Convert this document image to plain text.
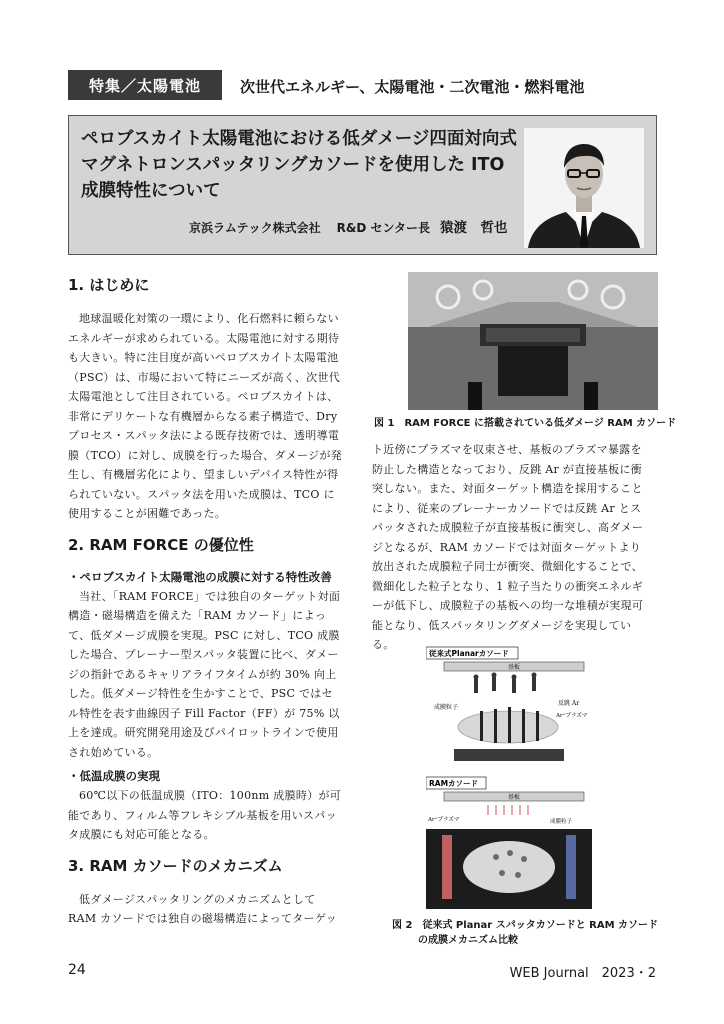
特集／太陽電池	次世代エネルギー、太陽電池・二次電池・燃料電池
ペロブスカイト太陽電池における低ダメージ四面対向式マグネトロンスパッタリングカソードを使用した ITO 成膜特性について
京浜ラムテック株式会社 R&D センター長 猿渡　哲也
1. はじめに
地球温暖化対策の一環により、化石燃料に頼らないエネルギーが求められている。太陽電池に対する期待も大きい。特に注目度が高いペロブスカイト太陽電池（PSC）は、市場において特にニーズが高く、次世代太陽電池として注目されている。ペロブスカイトは、非常にデリケートな有機層からなる素子構造で、Dry プロセス・スパッタ法による既存技術では、透明導電膜（TCO）に対し、成膜を行った場合、ダメージが発生し、有機層劣化により、望ましいデバイス特性が得られていない。スパッタ法を用いた成膜は、TCO に使用することが困難であった。
2. RAM FORCE の優位性
・ペロブスカイト太陽電池の成膜に対する特性改善
当社、「RAM FORCE」では独自のターゲット対面構造・磁場構造を備えた「RAM カソード」によって、低ダメージ成膜を実現。PSC に対し、TCO 成膜した場合、プレーナー型スパッタ装置に比べ、ダメージの指針であるキャリアライフタイムが約 30% 向上した。低ダメージ特性を生かすことで、PSC ではセル特性を表す曲線因子 Fill Factor（FF）が 75% 以上を達成。研究開発用途及びパイロットラインで使用され始めている。
・低温成膜の実現
60℃以下の低温成膜（ITO：100nm 成膜時）が可能であり、フィルム等フレキシブル基板を用いスパッタ成膜にも対応可能となる。
3. RAM カソードのメカニズム
低ダメージスパッタリングのメカニズムとして RAM カソードでは独自の磁場構造によってターゲッ
図 1　RAM FORCE に搭載されている低ダメージ RAM カソード
ト近傍にプラズマを収束させ、基板のプラズマ暴露を防止した構造となっており、反跳 Ar が直接基板に衝突しない。また、対面ターゲット構造を採用することにより、従来のプレーナーカソードでは反跳 Ar とスパッタされた成膜粒子が直接基板に衝突し、高ダメージとなるが、RAM カソードでは対面ターゲットより放出された成膜粒子同士が衝突、微細化することで、微細化した粒子となり、1 粒子当たりの衝突エネルギーが低下し、成膜粒子の基板への均一な堆積が実現可能となり、低スパッタリングダメージを実現している。
従来式Planarカソード
基板
成膜粒子
反跳 Ar
Ar⁺プラズマ
RAMカソード
基板
Ar⁺プラズマ	成膜粒子
図 2　従来式 Planar スパッタカソードと RAM カソード
の成膜メカニズム比較
24	WEB Journal　2023・2
